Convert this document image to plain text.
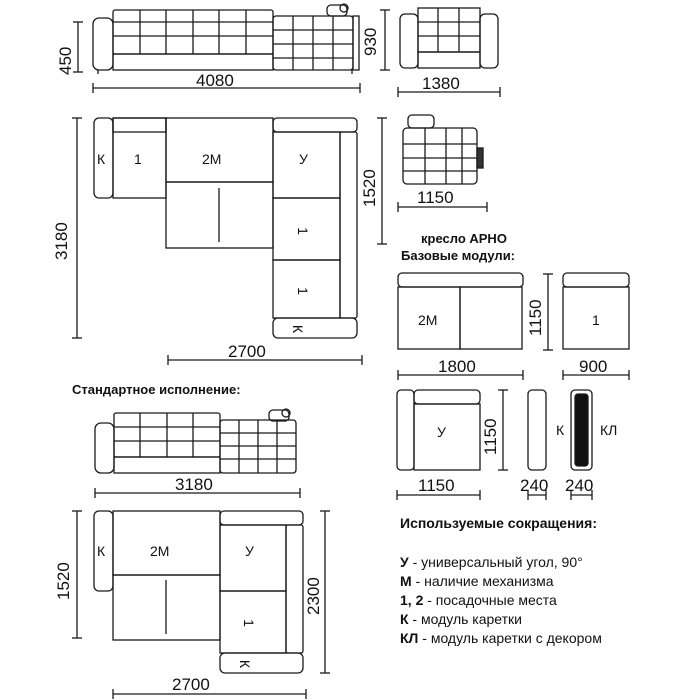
450
930
4080	1380
3180
1520 1150
2700
1150
1800	900
1150
1150	240 240
3180
1520	2300
2700
К 1	2М	У
1
1
К
2М	1
У	К	КЛ
К	2М	У
1
К
кресло АРНО
Базовые модули:
Стандартное исполнение:
Используемые сокращения:
У - универсальный угол, 90°
М - наличие механизма
1, 2 - посадочные места
К - модуль каретки
КЛ - модуль каретки с декором
